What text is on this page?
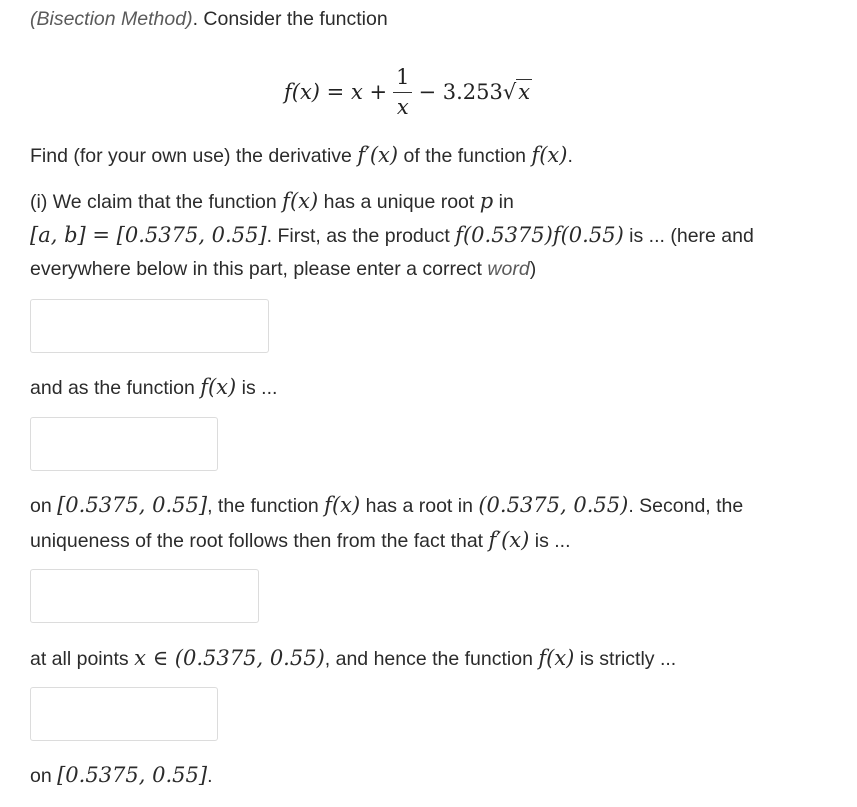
(Bisection Method). Consider the function
$f(x) = x + \frac{1}{x} - 3.253$ √x
Find (for your own use) the derivative f′(x) of the function f(x).
(i) We claim that the function f(x) has a unique root p in
[a, b] = [0.5375, 0.55]. First, as the product f(0.5375)f(0.55) is ... (here and
everywhere below in this part, please enter a correct word)
and as the function f(x) is ...
on [0.5375, 0.55], the function f(x) has a root in (0.5375, 0.55). Second, the
uniqueness of the root follows then from the fact that f′(x) is ...
at all points x ∈ (0.5375, 0.55), and hence the function f(x) is strictly ...
on [0.5375, 0.55].
